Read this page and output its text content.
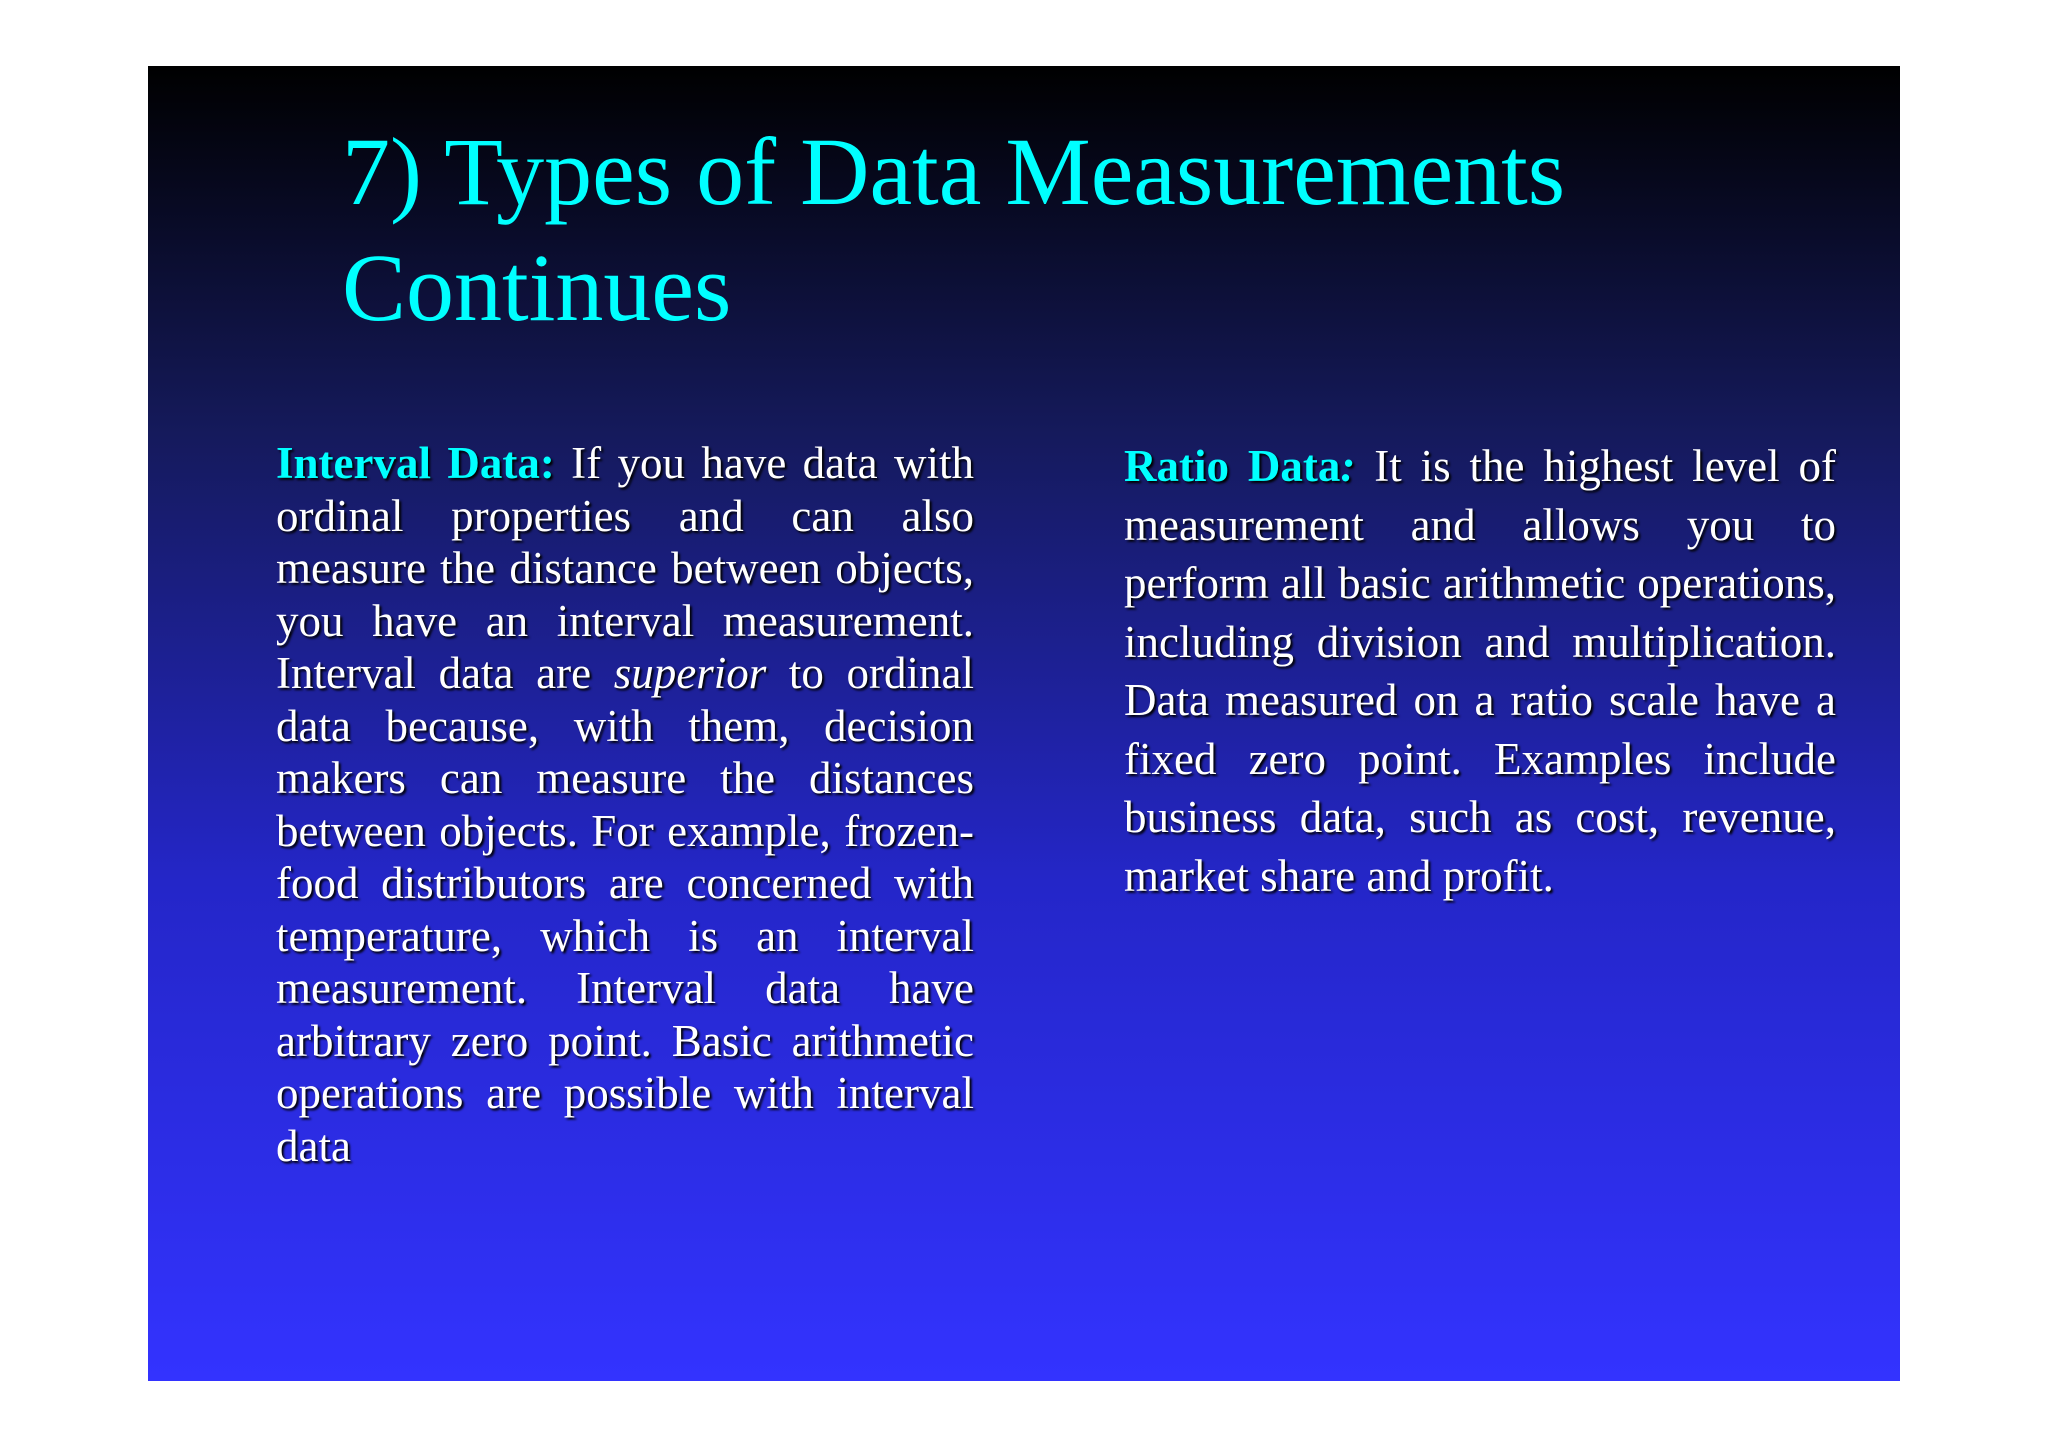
7) Types of Data Measurements
Continues

Interval Data: If you have data with ordinal properties and can also measure the distance between objects, you have an interval measurement. Interval data are superior to ordinal data because, with them, decision makers can measure the distances between objects. For example, frozen-food distributors are concerned with temperature, which is an interval measurement. Interval data have arbitrary zero point. Basic arithmetic operations are possible with interval data

Ratio Data: It is the highest level of measurement and allows you to perform all basic arithmetic operations, including division and multiplication. Data measured on a ratio scale have a fixed zero point. Examples include business data, such as cost, revenue, market share and profit.
